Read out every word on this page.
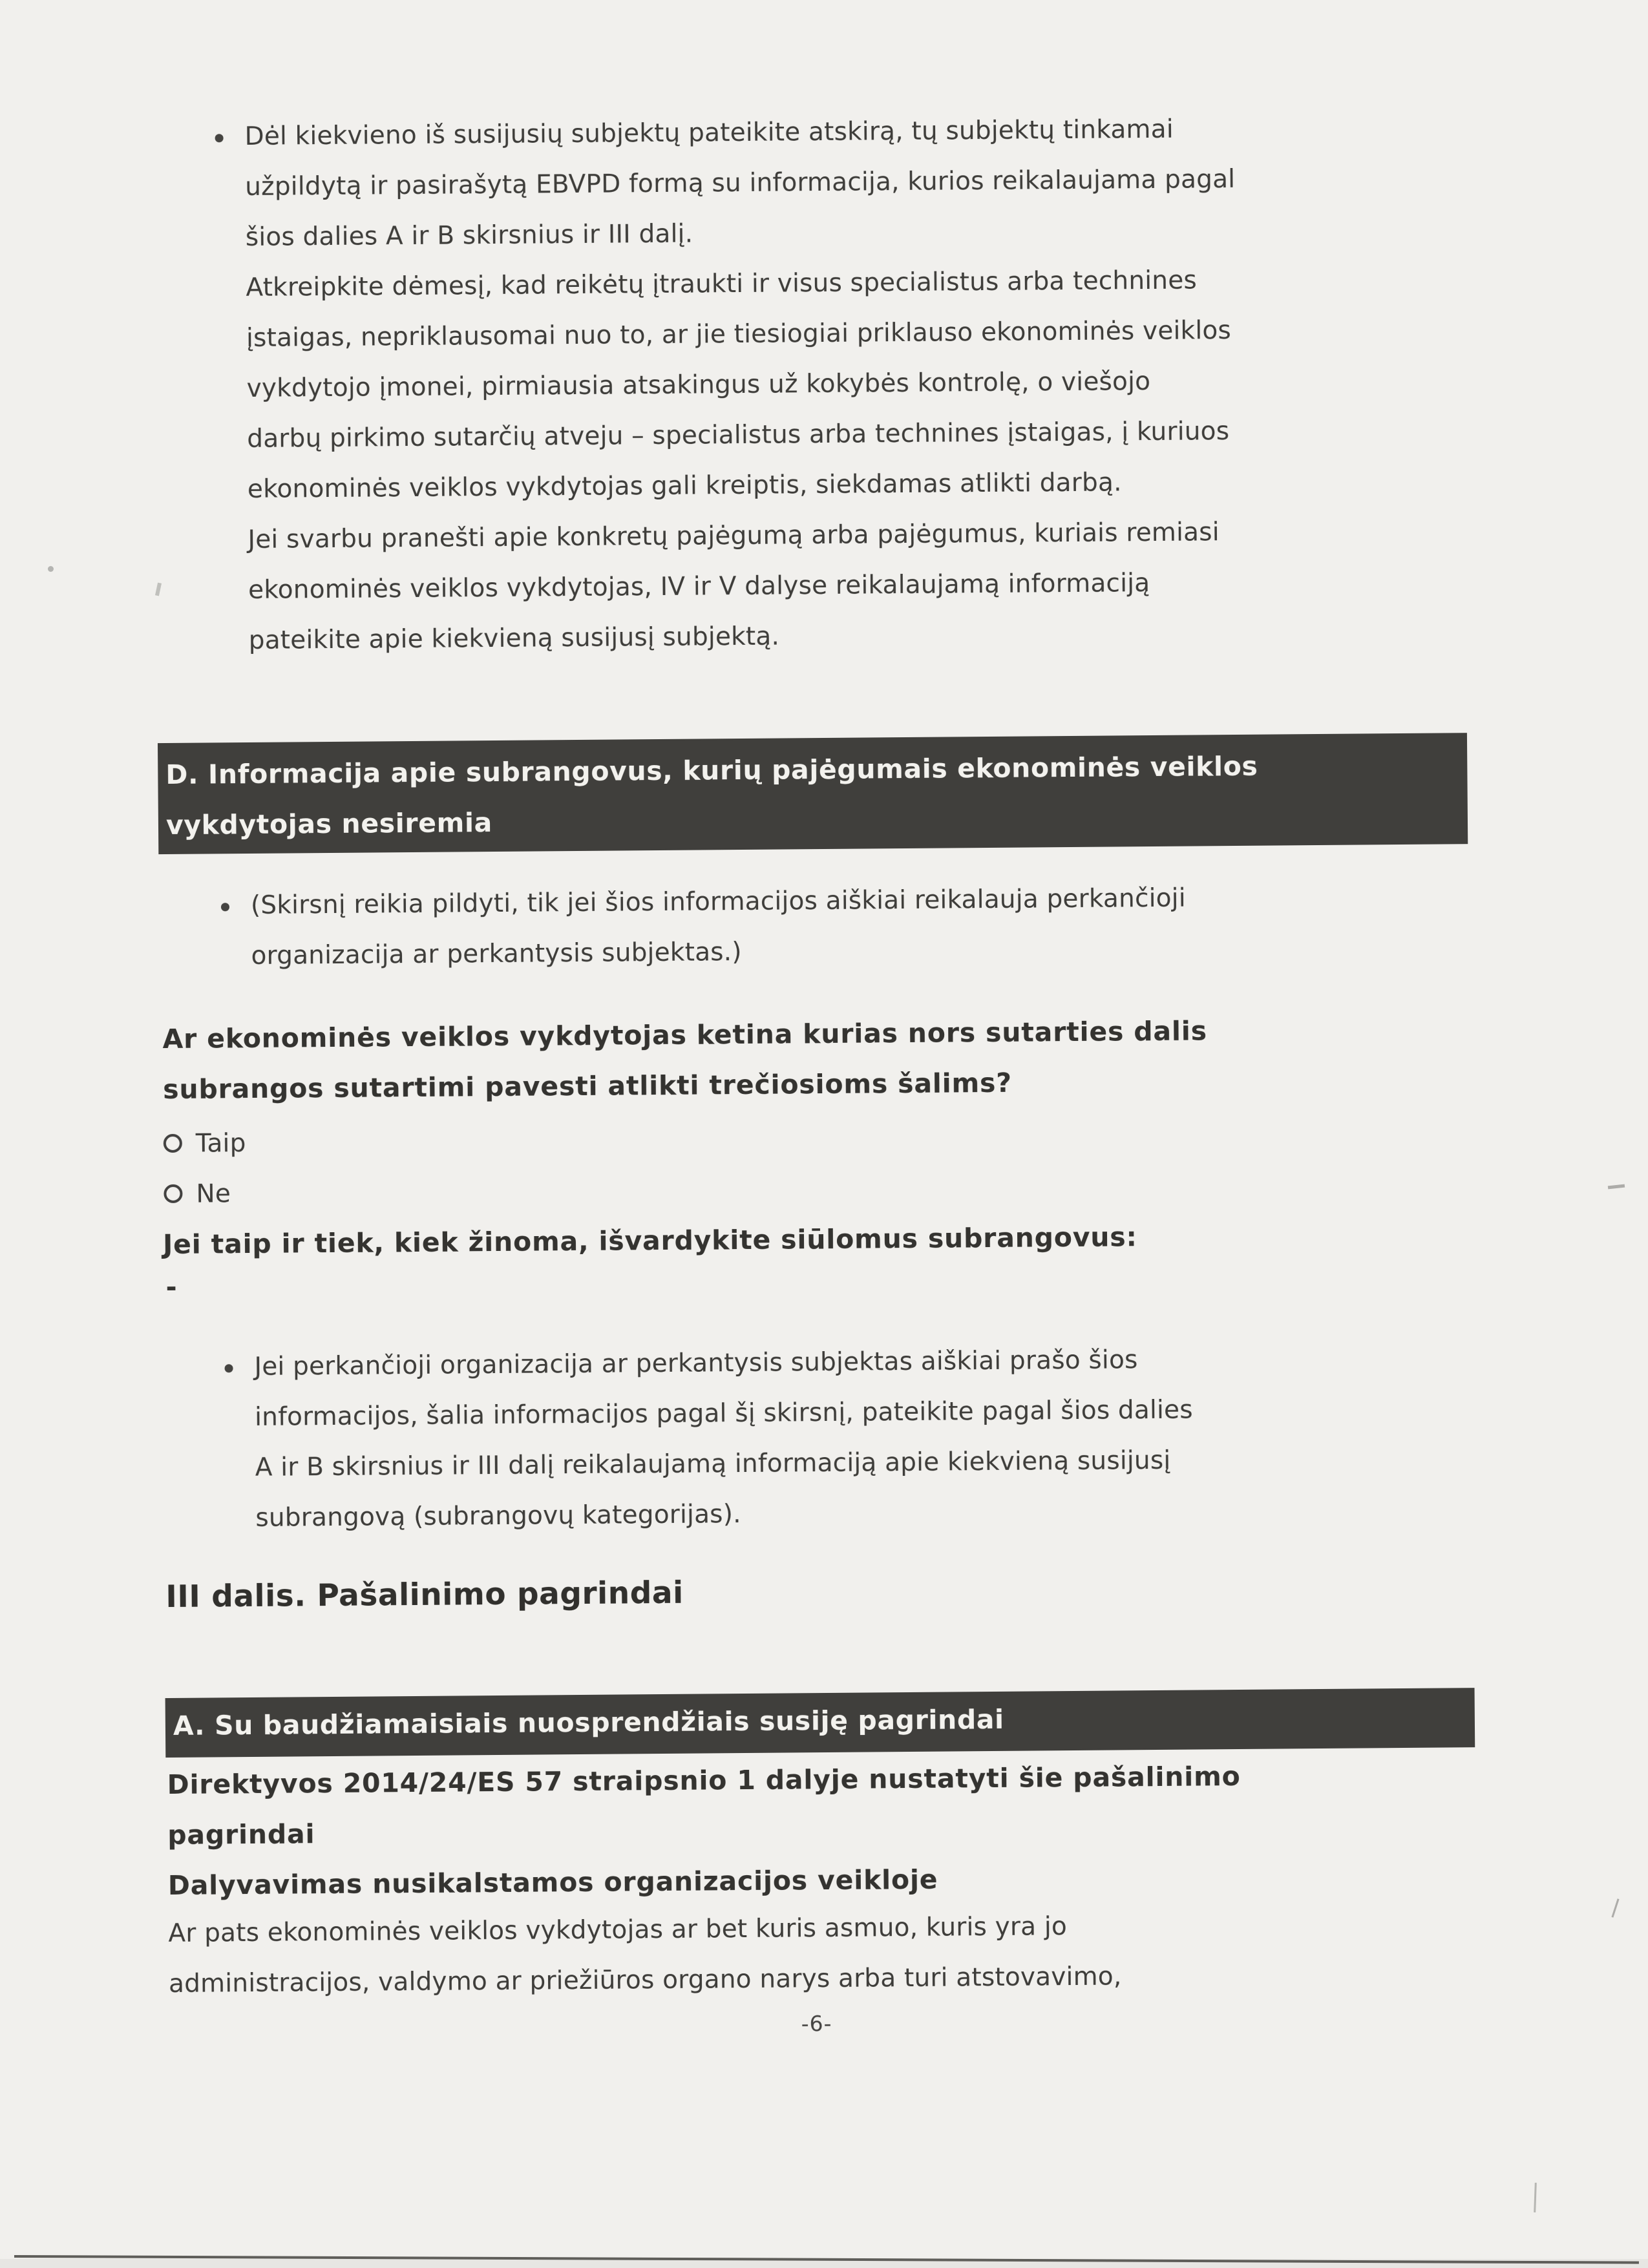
Dėl kiekvieno iš susijusių subjektų pateikite atskirą, tų subjektų tinkamai
užpildytą ir pasirašytą EBVPD formą su informacija, kurios reikalaujama pagal
šios dalies A ir B skirsnius ir III dalį.
Atkreipkite dėmesį, kad reikėtų įtraukti ir visus specialistus arba technines
įstaigas, nepriklausomai nuo to, ar jie tiesiogiai priklauso ekonominės veiklos
vykdytojo įmonei, pirmiausia atsakingus už kokybės kontrolę, o viešojo
darbų pirkimo sutarčių atveju – specialistus arba technines įstaigas, į kuriuos
ekonominės veiklos vykdytojas gali kreiptis, siekdamas atlikti darbą.
Jei svarbu pranešti apie konkretų pajėgumą arba pajėgumus, kuriais remiasi
ekonominės veiklos vykdytojas, IV ir V dalyse reikalaujamą informaciją
pateikite apie kiekvieną susijusį subjektą.
D. Informacija apie subrangovus, kurių pajėgumais ekonominės veiklos
vykdytojas nesiremia
(Skirsnį reikia pildyti, tik jei šios informacijos aiškiai reikalauja perkančioji
organizacija ar perkantysis subjektas.)
Ar ekonominės veiklos vykdytojas ketina kurias nors sutarties dalis
subrangos sutartimi pavesti atlikti trečiosioms šalims?
Taip
Ne
Jei taip ir tiek, kiek žinoma, išvardykite siūlomus subrangovus:
-
Jei perkančioji organizacija ar perkantysis subjektas aiškiai prašo šios
informacijos, šalia informacijos pagal šį skirsnį, pateikite pagal šios dalies
A ir B skirsnius ir III dalį reikalaujamą informaciją apie kiekvieną susijusį
subrangovą (subrangovų kategorijas).
III dalis. Pašalinimo pagrindai
A. Su baudžiamaisiais nuosprendžiais susiję pagrindai
Direktyvos 2014/24/ES 57 straipsnio 1 dalyje nustatyti šie pašalinimo
pagrindai
Dalyvavimas nusikalstamos organizacijos veikloje
Ar pats ekonominės veiklos vykdytojas ar bet kuris asmuo, kuris yra jo
administracijos, valdymo ar priežiūros organo narys arba turi atstovavimo,
-6-
